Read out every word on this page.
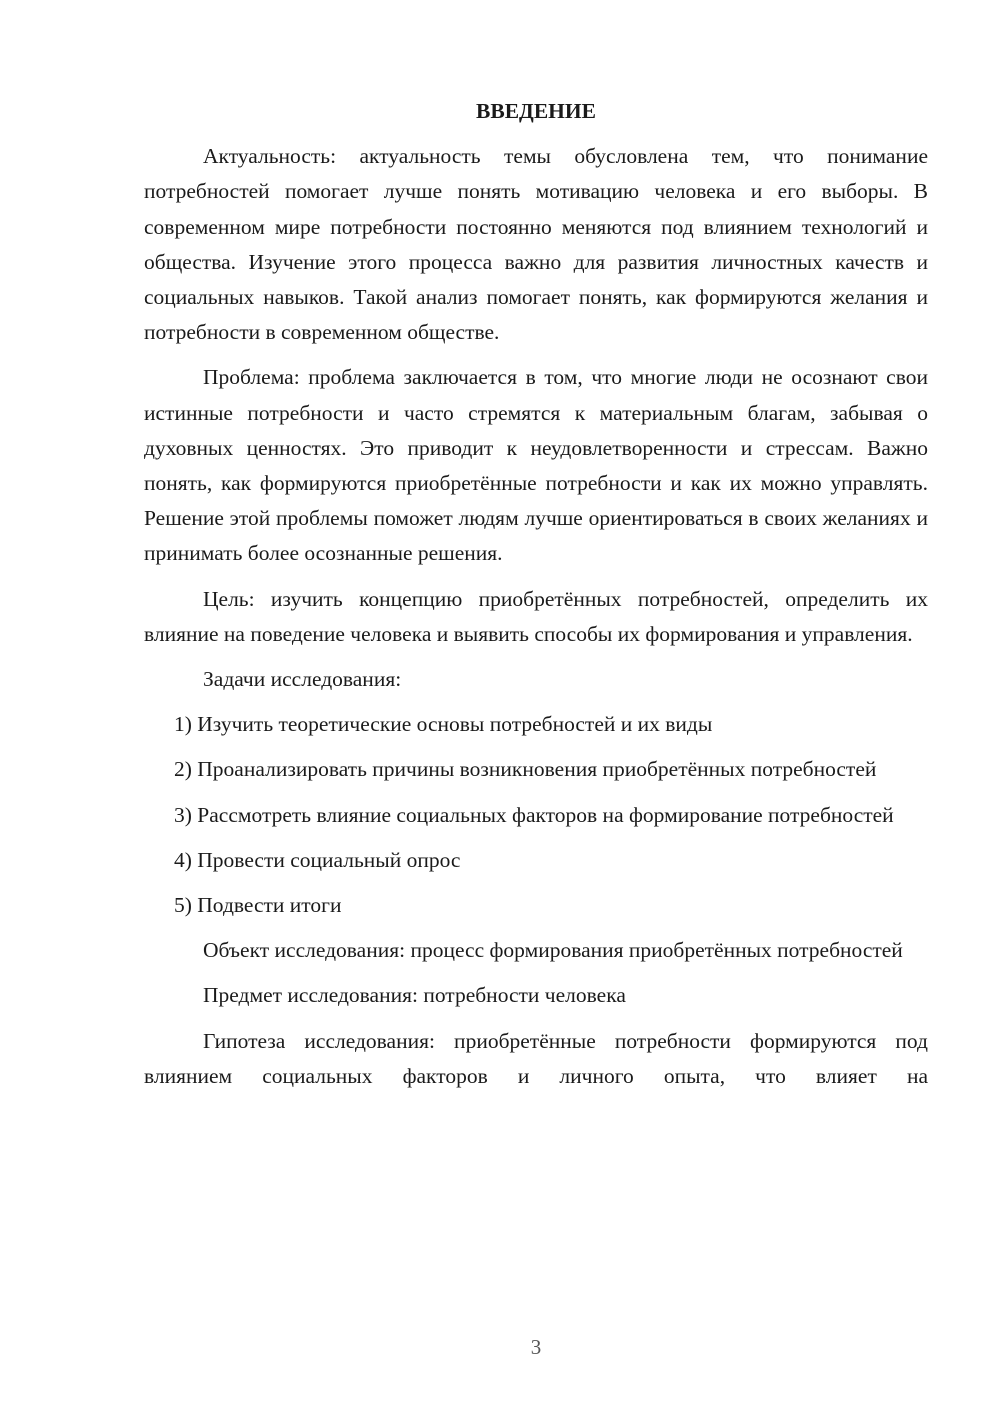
ВВЕДЕНИЕ

Актуальность: актуальность темы обусловлена тем, что понимание потребностей помогает лучше понять мотивацию человека и его выборы. В современном мире потребности постоянно меняются под влиянием технологий и общества. Изучение этого процесса важно для развития личностных качеств и социальных навыков. Такой анализ помогает понять, как формируются желания и потребности в современном обществе.

Проблема: проблема заключается в том, что многие люди не осознают свои истинные потребности и часто стремятся к материальным благам, забывая о духовных ценностях. Это приводит к неудовлетворенности и стрессам. Важно понять, как формируются приобретённые потребности и как их можно управлять. Решение этой проблемы поможет людям лучше ориентироваться в своих желаниях и принимать более осознанные решения.

Цель: изучить концепцию приобретённых потребностей, определить их влияние на поведение человека и выявить способы их формирования и управления.

Задачи исследования:

1) Изучить теоретические основы потребностей и их виды

2) Проанализировать причины возникновения приобретённых потребностей

3) Рассмотреть влияние социальных факторов на формирование потребностей

4) Провести социальный опрос

5) Подвести итоги

Объект исследования: процесс формирования приобретённых потребностей

Предмет исследования: потребности человека

Гипотеза исследования: приобретённые потребности формируются под влиянием социальных факторов и личного опыта, что влияет на

3
